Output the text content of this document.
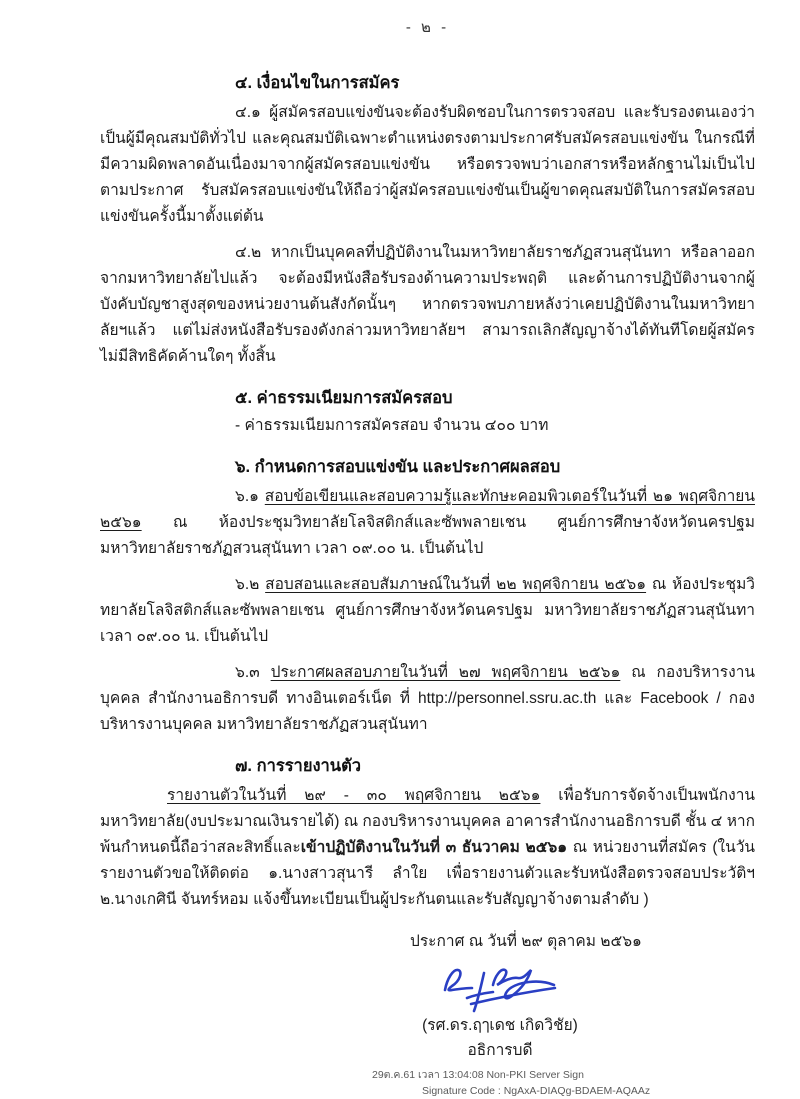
- ๒ -
๔. เงื่อนไขในการสมัคร

๔.๑ ผู้สมัครสอบแข่งขันจะต้องรับผิดชอบในการตรวจสอบ และรับรองตนเองว่าเป็นผู้มีคุณสมบัติทั่วไป และคุณสมบัติเฉพาะตำแหน่งตรงตามประกาศรับสมัครสอบแข่งขัน ในกรณีที่มีความผิดพลาดอันเนื่องมาจากผู้สมัครสอบแข่งขัน หรือตรวจพบว่าเอกสารหรือหลักฐานไม่เป็นไปตามประกาศ รับสมัครสอบแข่งขันให้ถือว่าผู้สมัครสอบแข่งขันเป็นผู้ขาดคุณสมบัติในการสมัครสอบแข่งขันครั้งนี้มาตั้งแต่ต้น

๔.๒ หากเป็นบุคคลที่ปฏิบัติงานในมหาวิทยาลัยราชภัฏสวนสุนันทา หรือลาออกจากมหาวิทยาลัยไปแล้ว จะต้องมีหนังสือรับรองด้านความประพฤติ และด้านการปฏิบัติงานจากผู้บังคับบัญชาสูงสุดของหน่วยงานต้นสังกัดนั้นๆ หากตรวจพบภายหลังว่าเคยปฏิบัติงานในมหาวิทยาลัยฯแล้ว แต่ไม่ส่งหนังสือรับรองดังกล่าวมหาวิทยาลัยฯ สามารถเลิกสัญญาจ้างได้ทันทีโดยผู้สมัครไม่มีสิทธิคัดค้านใดๆ ทั้งสิ้น

๕. ค่าธรรมเนียมการสมัครสอบ

- ค่าธรรมเนียมการสมัครสอบ จำนวน ๔๐๐ บาท

๖. กำหนดการสอบแข่งขัน และประกาศผลสอบ

๖.๑ สอบข้อเขียนและสอบความรู้และทักษะคอมพิวเตอร์ในวันที่ ๒๑ พฤศจิกายน ๒๕๖๑ ณ ห้องประชุมวิทยาลัยโลจิสติกส์และซัพพลายเชน ศูนย์การศึกษาจังหวัดนครปฐม มหาวิทยาลัยราชภัฏสวนสุนันทา เวลา ๐๙.๐๐ น. เป็นต้นไป

๖.๒ สอบสอนและสอบสัมภาษณ์ในวันที่ ๒๒ พฤศจิกายน ๒๕๖๑ ณ ห้องประชุมวิทยาลัยโลจิสติกส์และซัพพลายเชน ศูนย์การศึกษาจังหวัดนครปฐม มหาวิทยาลัยราชภัฏสวนสุนันทา เวลา ๐๙.๐๐ น. เป็นต้นไป

๖.๓ ประกาศผลสอบภายในวันที่ ๒๗ พฤศจิกายน ๒๕๖๑ ณ กองบริหารงานบุคคล สำนักงานอธิการบดี ทางอินเตอร์เน็ต ที่ http://personnel.ssru.ac.th และ Facebook / กองบริหารงานบุคคล มหาวิทยาลัยราชภัฏสวนสุนันทา

๗. การรายงานตัว

รายงานตัวในวันที่ ๒๙ - ๓๐ พฤศจิกายน ๒๕๖๑ เพื่อรับการจัดจ้างเป็นพนักงานมหาวิทยาลัย(งบประมาณเงินรายได้) ณ กองบริหารงานบุคคล อาคารสำนักงานอธิการบดี ชั้น ๔ หากพ้นกำหนดนี้ถือว่าสละสิทธิ์และเข้าปฏิบัติงานในวันที่ ๓ ธันวาคม ๒๕๖๑ ณ หน่วยงานที่สมัคร (ในวันรายงานตัวขอให้ติดต่อ ๑.นางสาวสุนารี ลำใย เพื่อรายงานตัวและรับหนังสือตรวจสอบประวัติฯ ๒.นางเกศินี จันทร์หอม แจ้งขึ้นทะเบียนเป็นผู้ประกันตนและรับสัญญาจ้างตามลำดับ )

ประกาศ ณ วันที่ ๒๙ ตุลาคม ๒๕๖๑

(รศ.ดร.ฤๅเดช เกิดวิชัย)

อธิการบดี

29ต.ค.61 เวลา 13:04:08 Non-PKI Server Sign
Signature Code : NgAxA-DIAQg-BDAEM-AQAAz
